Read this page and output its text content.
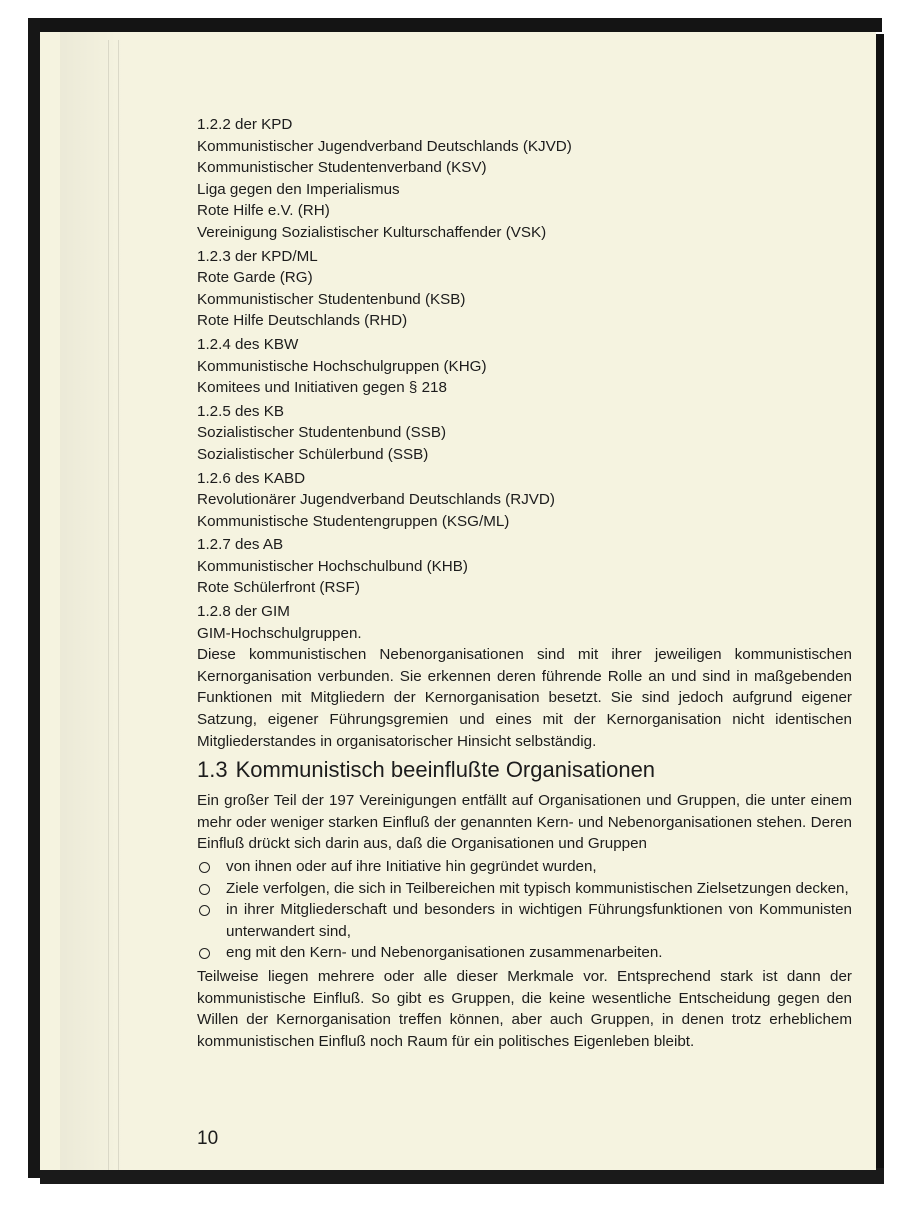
1.2.2 der KPD

Kommunistischer Jugendverband Deutschlands (KJVD)

Kommunistischer Studentenverband (KSV)

Liga gegen den Imperialismus

Rote Hilfe e.V. (RH)

Vereinigung Sozialistischer Kulturschaffender (VSK)

1.2.3 der KPD/ML

Rote Garde (RG)

Kommunistischer Studentenbund (KSB)

Rote Hilfe Deutschlands (RHD)

1.2.4 des KBW

Kommunistische Hochschulgruppen (KHG)

Komitees und Initiativen gegen § 218

1.2.5 des KB

Sozialistischer Studentenbund (SSB)

Sozialistischer Schülerbund (SSB)

1.2.6 des KABD

Revolutionärer Jugendverband Deutschlands (RJVD)

Kommunistische Studentengruppen (KSG/ML)

1.2.7 des AB

Kommunistischer Hochschulbund (KHB)

Rote Schülerfront (RSF)

1.2.8 der GIM

GIM-Hochschulgruppen.

Diese kommunistischen Nebenorganisationen sind mit ihrer jeweiligen kommunistischen Kernorganisation verbunden. Sie erkennen deren führende Rolle an und sind in maßgebenden Funktionen mit Mitgliedern der Kernorganisation besetzt. Sie sind jedoch aufgrund eigener Satzung, eigener Führungsgremien und eines mit der Kernorganisation nicht identischen Mitgliederstandes in organisatorischer Hinsicht selbständig.

1.3 Kommunistisch beeinflußte Organisationen

Ein großer Teil der 197 Vereinigungen entfällt auf Organisationen und Gruppen, die unter einem mehr oder weniger starken Einfluß der genannten Kern- und Nebenorganisationen stehen. Deren Einfluß drückt sich darin aus, daß die Organisationen und Gruppen

von ihnen oder auf ihre Initiative hin gegründet wurden,
Ziele verfolgen, die sich in Teilbereichen mit typisch kommunistischen Zielsetzungen decken,
in ihrer Mitgliederschaft und besonders in wichtigen Führungsfunktionen von Kommunisten unterwandert sind,
eng mit den Kern- und Nebenorganisationen zusammenarbeiten.

Teilweise liegen mehrere oder alle dieser Merkmale vor. Entsprechend stark ist dann der kommunistische Einfluß. So gibt es Gruppen, die keine wesentliche Entscheidung gegen den Willen der Kernorganisation treffen können, aber auch Gruppen, in denen trotz erheblichem kommunistischen Einfluß noch Raum für ein politisches Eigenleben bleibt.

10
